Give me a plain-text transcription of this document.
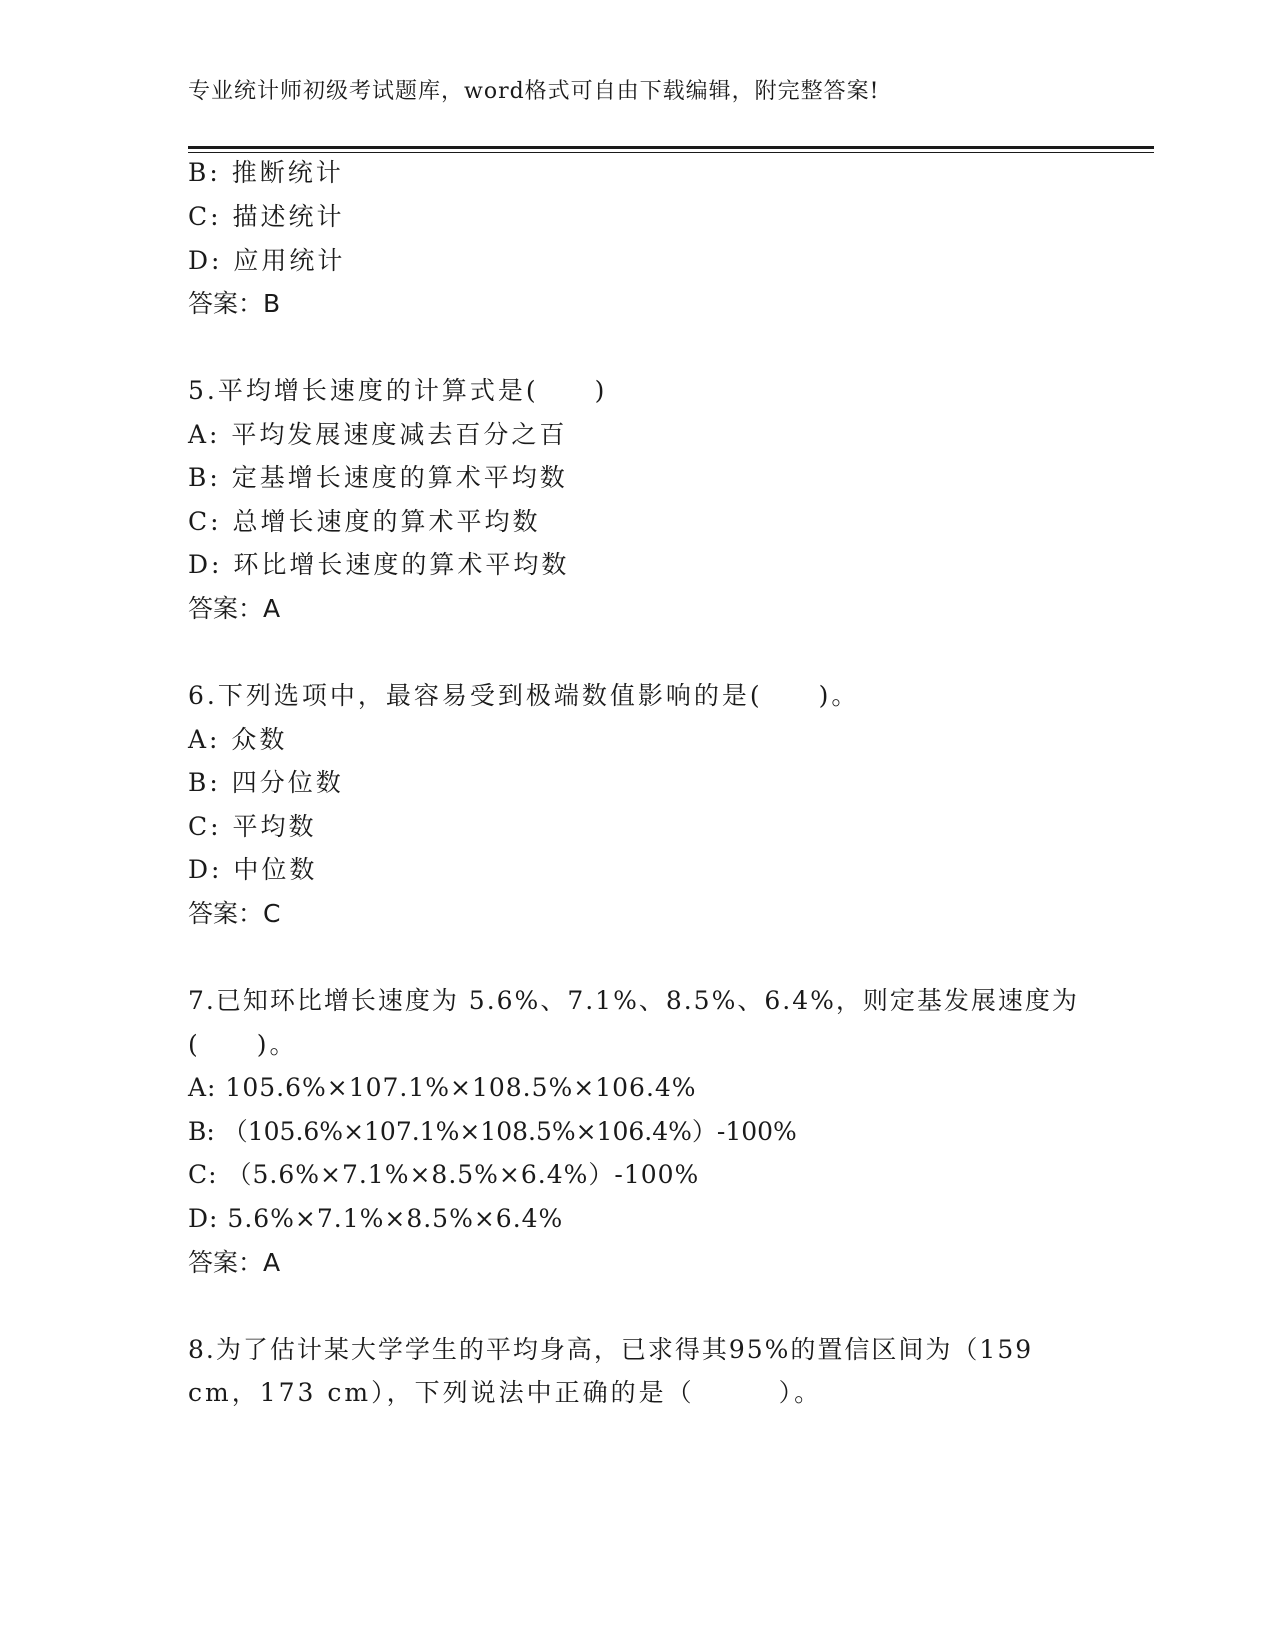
专业统计师初级考试题库，word格式可自由下载编辑，附完整答案!
B: 推断统计
C: 描述统计
D: 应用统计
答案：B
5.平均增长速度的计算式是(　　)
A: 平均发展速度减去百分之百
B: 定基增长速度的算术平均数
C: 总增长速度的算术平均数
D: 环比增长速度的算术平均数
答案：A
6.下列选项中，最容易受到极端数值影响的是(　　)。
A: 众数
B: 四分位数
C: 平均数
D: 中位数
答案：C
7.已知环比增长速度为 5.6%、7.1%、8.5%、6.4%，则定基发展速度为
(　　)。
A: 105.6%×107.1%×108.5%×106.4%
B: （105.6%×107.1%×108.5%×106.4%）-100%
C: （5.6%×7.1%×8.5%×6.4%）-100%
D: 5.6%×7.1%×8.5%×6.4%
答案：A
8.为了估计某大学学生的平均身高，已求得其95%的置信区间为（159
cm，173 cm），下列说法中正确的是（　　　）。
